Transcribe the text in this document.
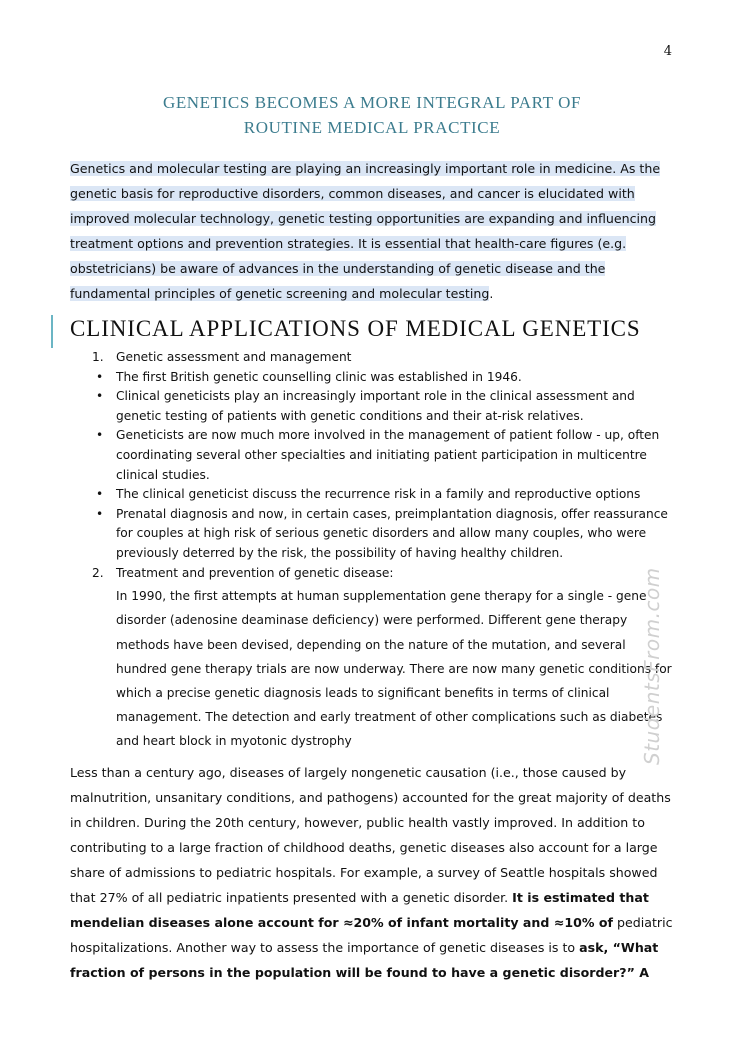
4
GENETICS BECOMES A MORE INTEGRAL PART OF
ROUTINE MEDICAL PRACTICE

Genetics and molecular testing are playing an increasingly important role in medicine. As the genetic basis for reproductive disorders, common diseases, and cancer is elucidated with improved molecular technology, genetic testing opportunities are expanding and influencing treatment options and prevention strategies. It is essential that health-care figures (e.g. obstetricians) be aware of advances in the understanding of genetic disease and the fundamental principles of genetic screening and molecular testing.

CLINICAL APPLICATIONS OF MEDICAL GENETICS
1. Genetic assessment and management
• The first British genetic counselling clinic was established in 1946.
• Clinical geneticists play an increasingly important role in the clinical assessment and genetic testing of patients with genetic conditions and their at-risk relatives.
• Geneticists are now much more involved in the management of patient follow - up, often coordinating several other specialties and initiating patient participation in multicentre clinical studies.
• The clinical geneticist discuss the recurrence risk in a family and reproductive options
• Prenatal diagnosis and now, in certain cases, preimplantation diagnosis, offer reassurance for couples at high risk of serious genetic disorders and allow many couples, who were previously deterred by the risk, the possibility of having healthy children.
2. Treatment and prevention of genetic disease:
In 1990, the first attempts at human supplementation gene therapy for a single - gene disorder (adenosine deaminase deficiency) were performed. Different gene therapy methods have been devised, depending on the nature of the mutation, and several hundred gene therapy trials are now underway. There are now many genetic conditions for which a precise genetic diagnosis leads to significant benefits in terms of clinical management. The detection and early treatment of other complications such as diabetes and heart block in myotonic dystrophy

Less than a century ago, diseases of largely nongenetic causation (i.e., those caused by malnutrition, unsanitary conditions, and pathogens) accounted for the great majority of deaths in children. During the 20th century, however, public health vastly improved. In addition to contributing to a large fraction of childhood deaths, genetic diseases also account for a large share of admissions to pediatric hospitals. For example, a survey of Seattle hospitals showed that 27% of all pediatric inpatients presented with a genetic disorder. It is estimated that mendelian diseases alone account for ≈20% of infant mortality and ≈10% of pediatric hospitalizations. Another way to assess the importance of genetic diseases is to ask, “What fraction of persons in the population will be found to have a genetic disorder?” A

StudentsFrom.com
